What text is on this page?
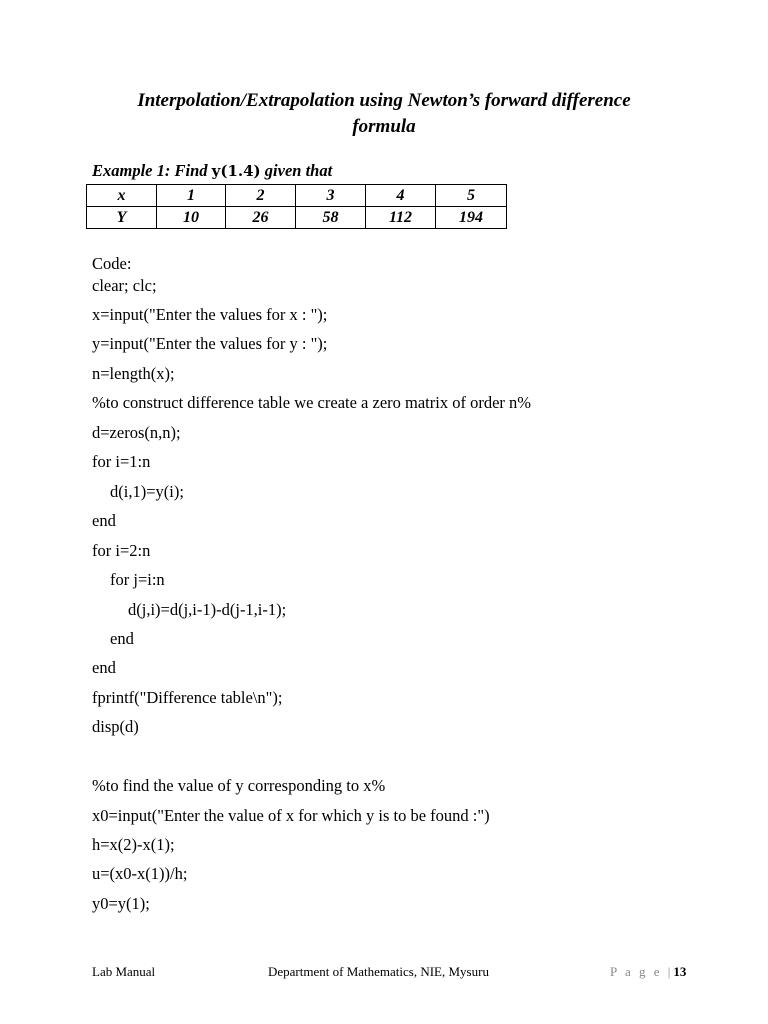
Interpolation/Extrapolation using Newton’s forward difference
formula
Example 1: Find y(1.4) given that
x	1	2	3	4	5
Y	10	26	58	112	194
Code:
clear; clc;
x=input("Enter the values for x : ");
y=input("Enter the values for y : ");
n=length(x);
%to construct difference table we create a zero matrix of order n%
d=zeros(n,n);
for i=1:n
d(i,1)=y(i);
end
for i=2:n
for j=i:n
d(j,i)=d(j,i-1)-d(j-1,i-1);
end
end
fprintf("Difference table\n");
disp(d)
%to find the value of y corresponding to x%
x0=input("Enter the value of x for which y is to be found :")
h=x(2)-x(1);
u=(x0-x(1))/h;
y0=y(1);
Lab Manual	Department of Mathematics, NIE, Mysuru	P a g e | 13
